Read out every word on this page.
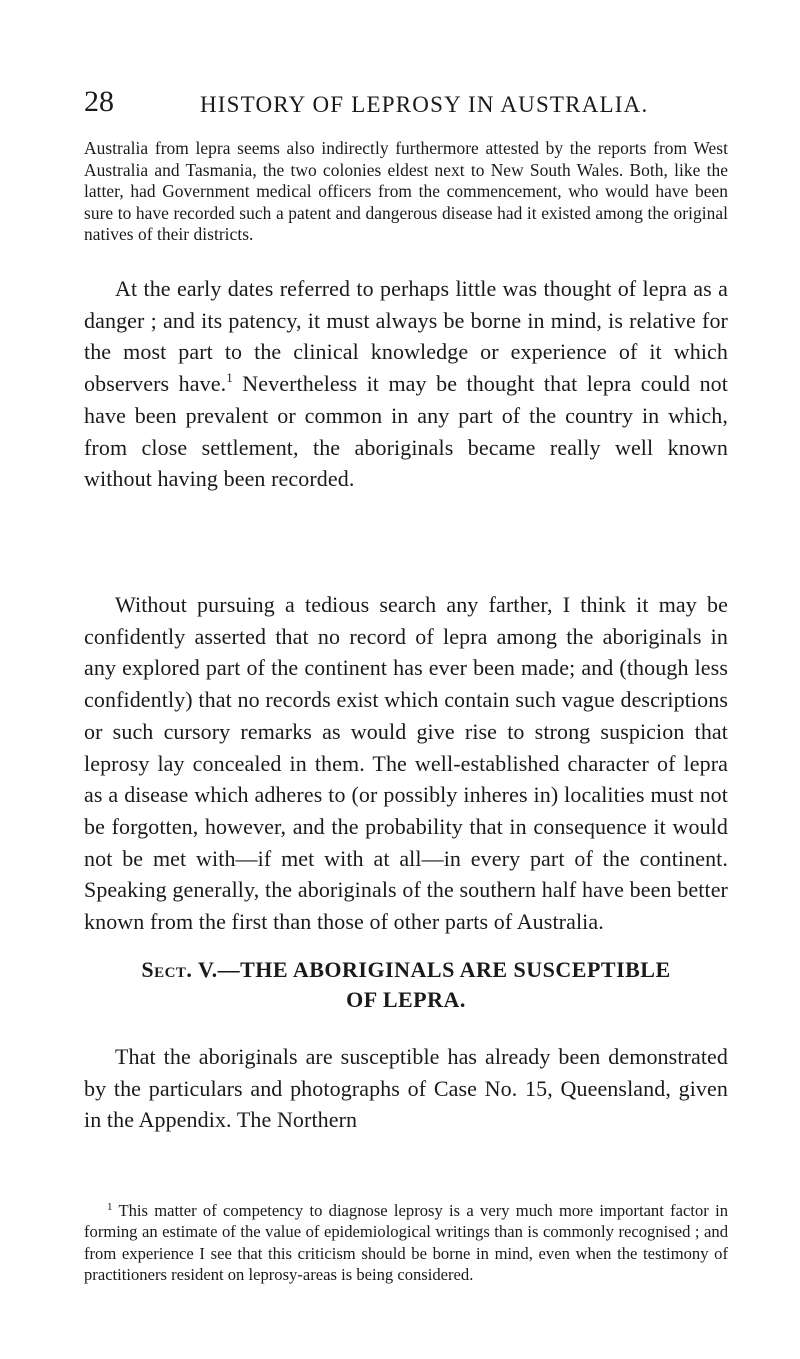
28	HISTORY OF LEPROSY IN AUSTRALIA.

Australia from lepra seems also indirectly furthermore attested by the reports from West Australia and Tasmania, the two colonies eldest next to New South Wales. Both, like the latter, had Government medical officers from the commencement, who would have been sure to have recorded such a patent and dangerous disease had it existed among the original natives of their districts.

At the early dates referred to perhaps little was thought of lepra as a danger ; and its patency, it must always be borne in mind, is relative for the most part to the clinical knowledge or experience of it which observers have.$^1$ Nevertheless it may be thought that lepra could not have been prevalent or common in any part of the country in which, from close settlement, the aboriginals became really well known without having been recorded.

Without pursuing a tedious search any farther, I think it may be confidently asserted that no record of lepra among the aboriginals in any explored part of the continent has ever been made; and (though less confidently) that no records exist which contain such vague descriptions or such cursory remarks as would give rise to strong suspicion that leprosy lay concealed in them. The well-established character of lepra as a disease which adheres to (or possibly inheres in) localities must not be forgotten, however, and the probability that in consequence it would not be met with—if met with at all—in every part of the continent. Speaking generally, the aboriginals of the southern half have been better known from the first than those of other parts of Australia.

Sect. V.—THE ABORIGINALS ARE SUSCEPTIBLE
OF LEPRA.

That the aboriginals are susceptible has already been demonstrated by the particulars and photographs of Case No. 15, Queensland, given in the Appendix. The Northern

$^1$ This matter of competency to diagnose leprosy is a very much more important factor in forming an estimate of the value of epidemiological writings than is commonly recognised ; and from experience I see that this criticism should be borne in mind, even when the testimony of practitioners resident on leprosy-areas is being considered.
